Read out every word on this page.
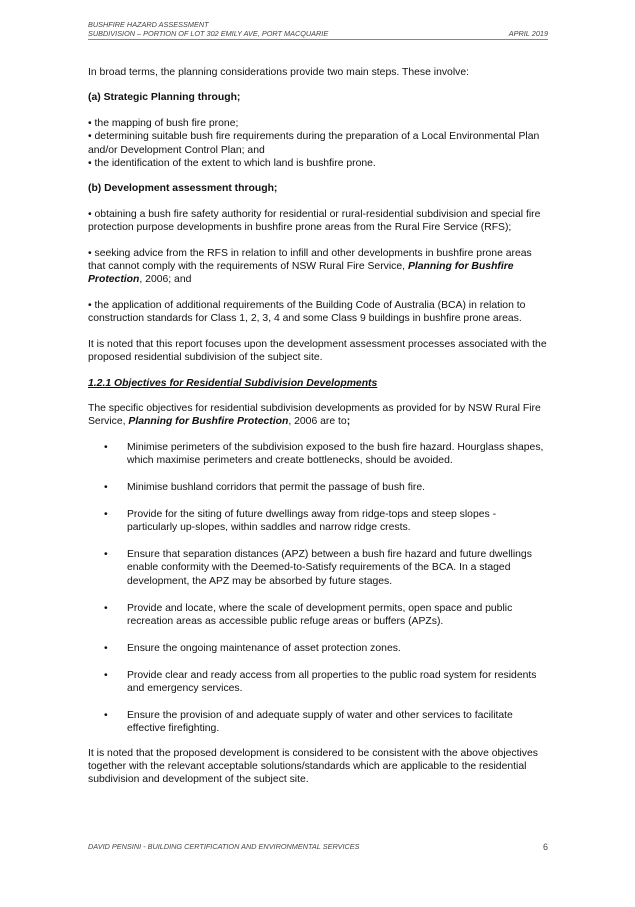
BUSHFIRE HAZARD ASSESSMENT
SUBDIVISION – PORTION OF LOT 302 EMILY AVE, PORT MACQUARIE	APRIL 2019

In broad terms, the planning considerations provide two main steps. These involve:

(a) Strategic Planning through;

• the mapping of bush fire prone;

• determining suitable bush fire requirements during the preparation of a Local Environmental Plan and/or Development Control Plan; and

• the identification of the extent to which land is bushfire prone.

(b) Development assessment through;

• obtaining a bush fire safety authority for residential or rural-residential subdivision and special fire protection purpose developments in bushfire prone areas from the Rural Fire Service (RFS);

• seeking advice from the RFS in relation to infill and other developments in bushfire prone areas that cannot comply with the requirements of NSW Rural Fire Service, Planning for Bushfire Protection, 2006; and

• the application of additional requirements of the Building Code of Australia (BCA) in relation to construction standards for Class 1, 2, 3, 4 and some Class 9 buildings in bushfire prone areas.

It is noted that this report focuses upon the development assessment processes associated with the proposed residential subdivision of the subject site.

1.2.1 Objectives for Residential Subdivision Developments

The specific objectives for residential subdivision developments as provided for by NSW Rural Fire Service, Planning for Bushfire Protection, 2006 are to;

• Minimise perimeters of the subdivision exposed to the bush fire hazard. Hourglass shapes, which maximise perimeters and create bottlenecks, should be avoided.
• Minimise bushland corridors that permit the passage of bush fire.
• Provide for the siting of future dwellings away from ridge-tops and steep slopes - particularly up-slopes, within saddles and narrow ridge crests.
• Ensure that separation distances (APZ) between a bush fire hazard and future dwellings enable conformity with the Deemed-to-Satisfy requirements of the BCA. In a staged development, the APZ may be absorbed by future stages.
• Provide and locate, where the scale of development permits, open space and public recreation areas as accessible public refuge areas or buffers (APZs).
• Ensure the ongoing maintenance of asset protection zones.
• Provide clear and ready access from all properties to the public road system for residents and emergency services.
• Ensure the provision of and adequate supply of water and other services to facilitate effective firefighting.

It is noted that the proposed development is considered to be consistent with the above objectives together with the relevant acceptable solutions/standards which are applicable to the residential subdivision and development of the subject site.

DAVID PENSINI - BUILDING CERTIFICATION AND ENVIRONMENTAL SERVICES	6
